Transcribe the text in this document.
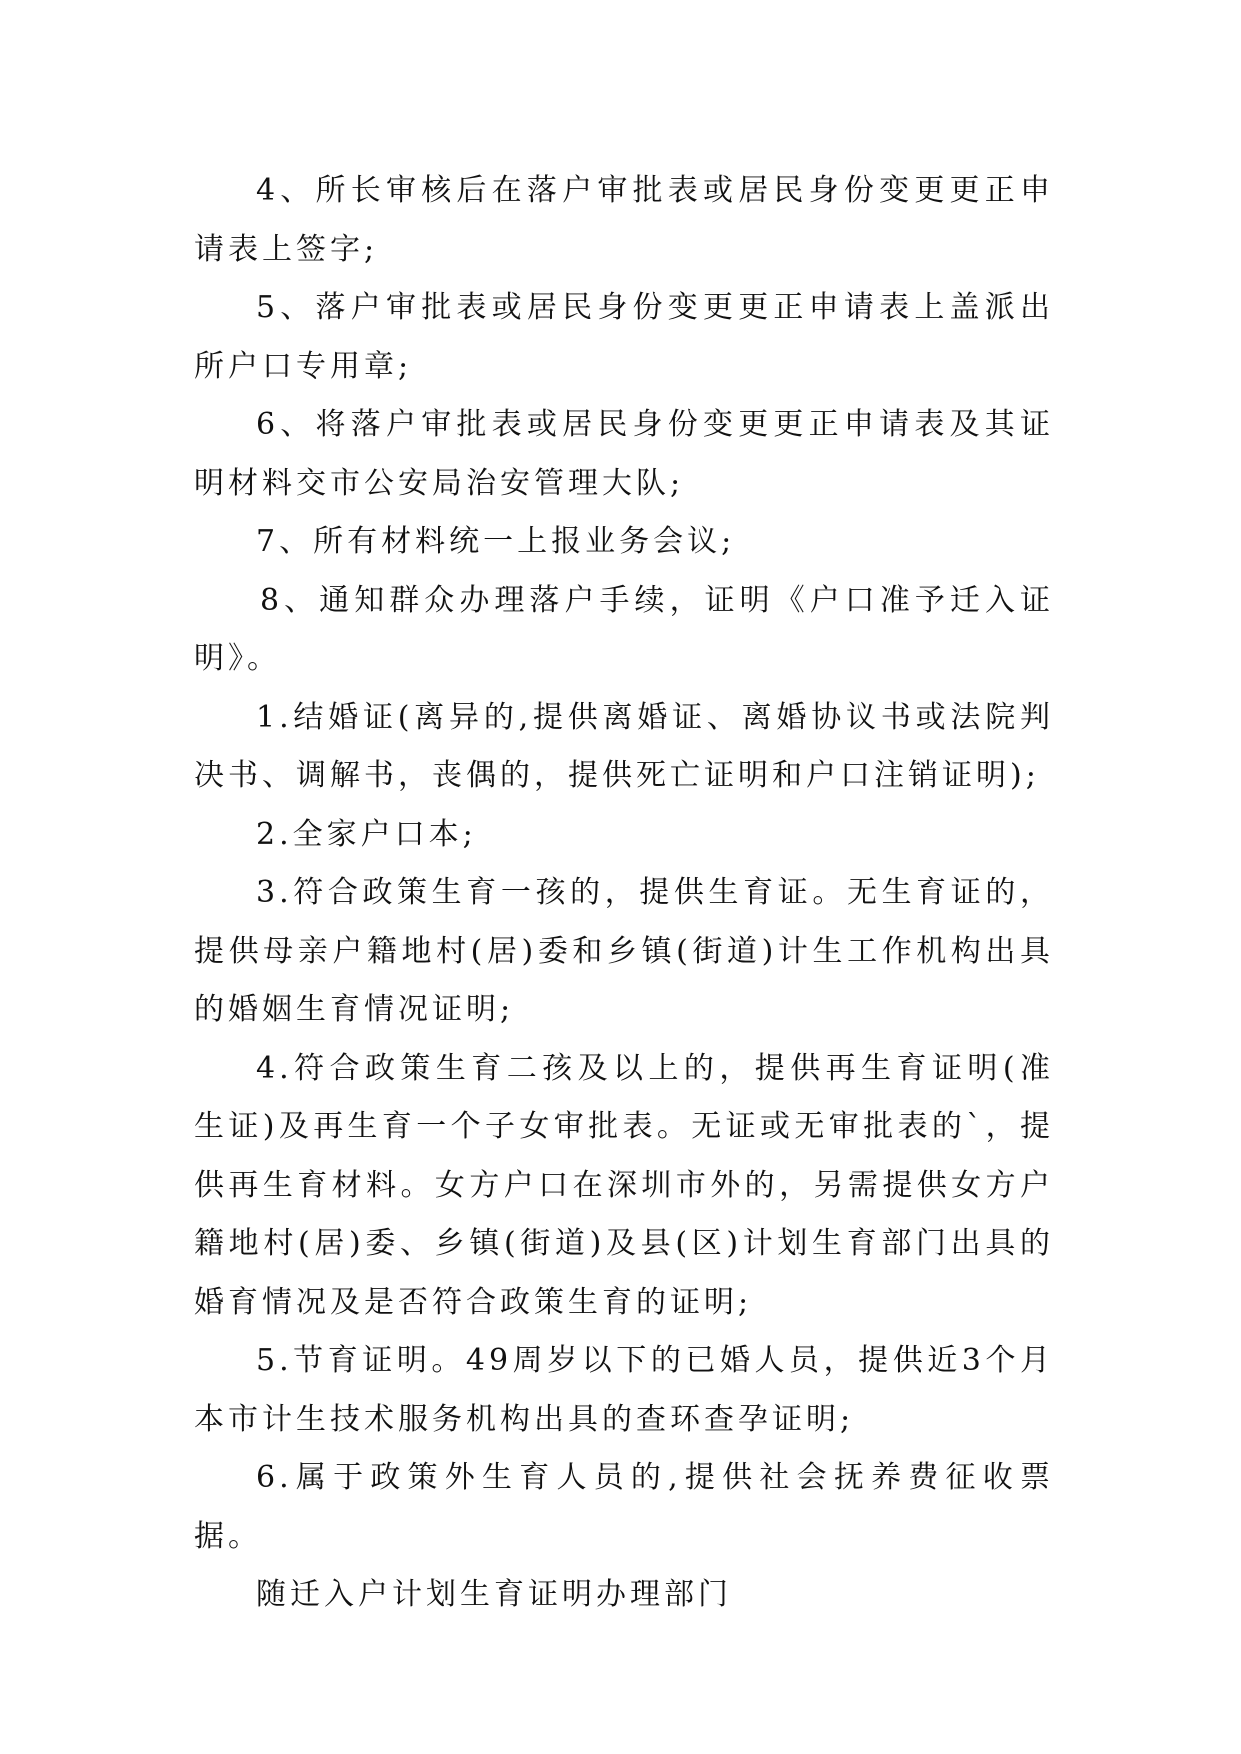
4、所长审核后在落户审批表或居民身份变更更正申请表上签字;

5、落户审批表或居民身份变更更正申请表上盖派出所户口专用章;

6、将落户审批表或居民身份变更更正申请表及其证明材料交市公安局治安管理大队;

7、所有材料统一上报业务会议;

8、通知群众办理落户手续，证明《户口准予迁入证明》。

1.结婚证(离异的,提供离婚证、离婚协议书或法院判决书、调解书，丧偶的，提供死亡证明和户口注销证明);

2.全家户口本;

3.符合政策生育一孩的，提供生育证。无生育证的，提供母亲户籍地村(居)委和乡镇(街道)计生工作机构出具的婚姻生育情况证明;

4.符合政策生育二孩及以上的，提供再生育证明(准生证)及再生育一个子女审批表。无证或无审批表的`，提供再生育材料。女方户口在深圳市外的，另需提供女方户籍地村(居)委、乡镇(街道)及县(区)计划生育部门出具的婚育情况及是否符合政策生育的证明;

5.节育证明。49周岁以下的已婚人员，提供近3个月本市计生技术服务机构出具的查环查孕证明;

6.属于政策外生育人员的,提供社会抚养费征收票据。

随迁入户计划生育证明办理部门
